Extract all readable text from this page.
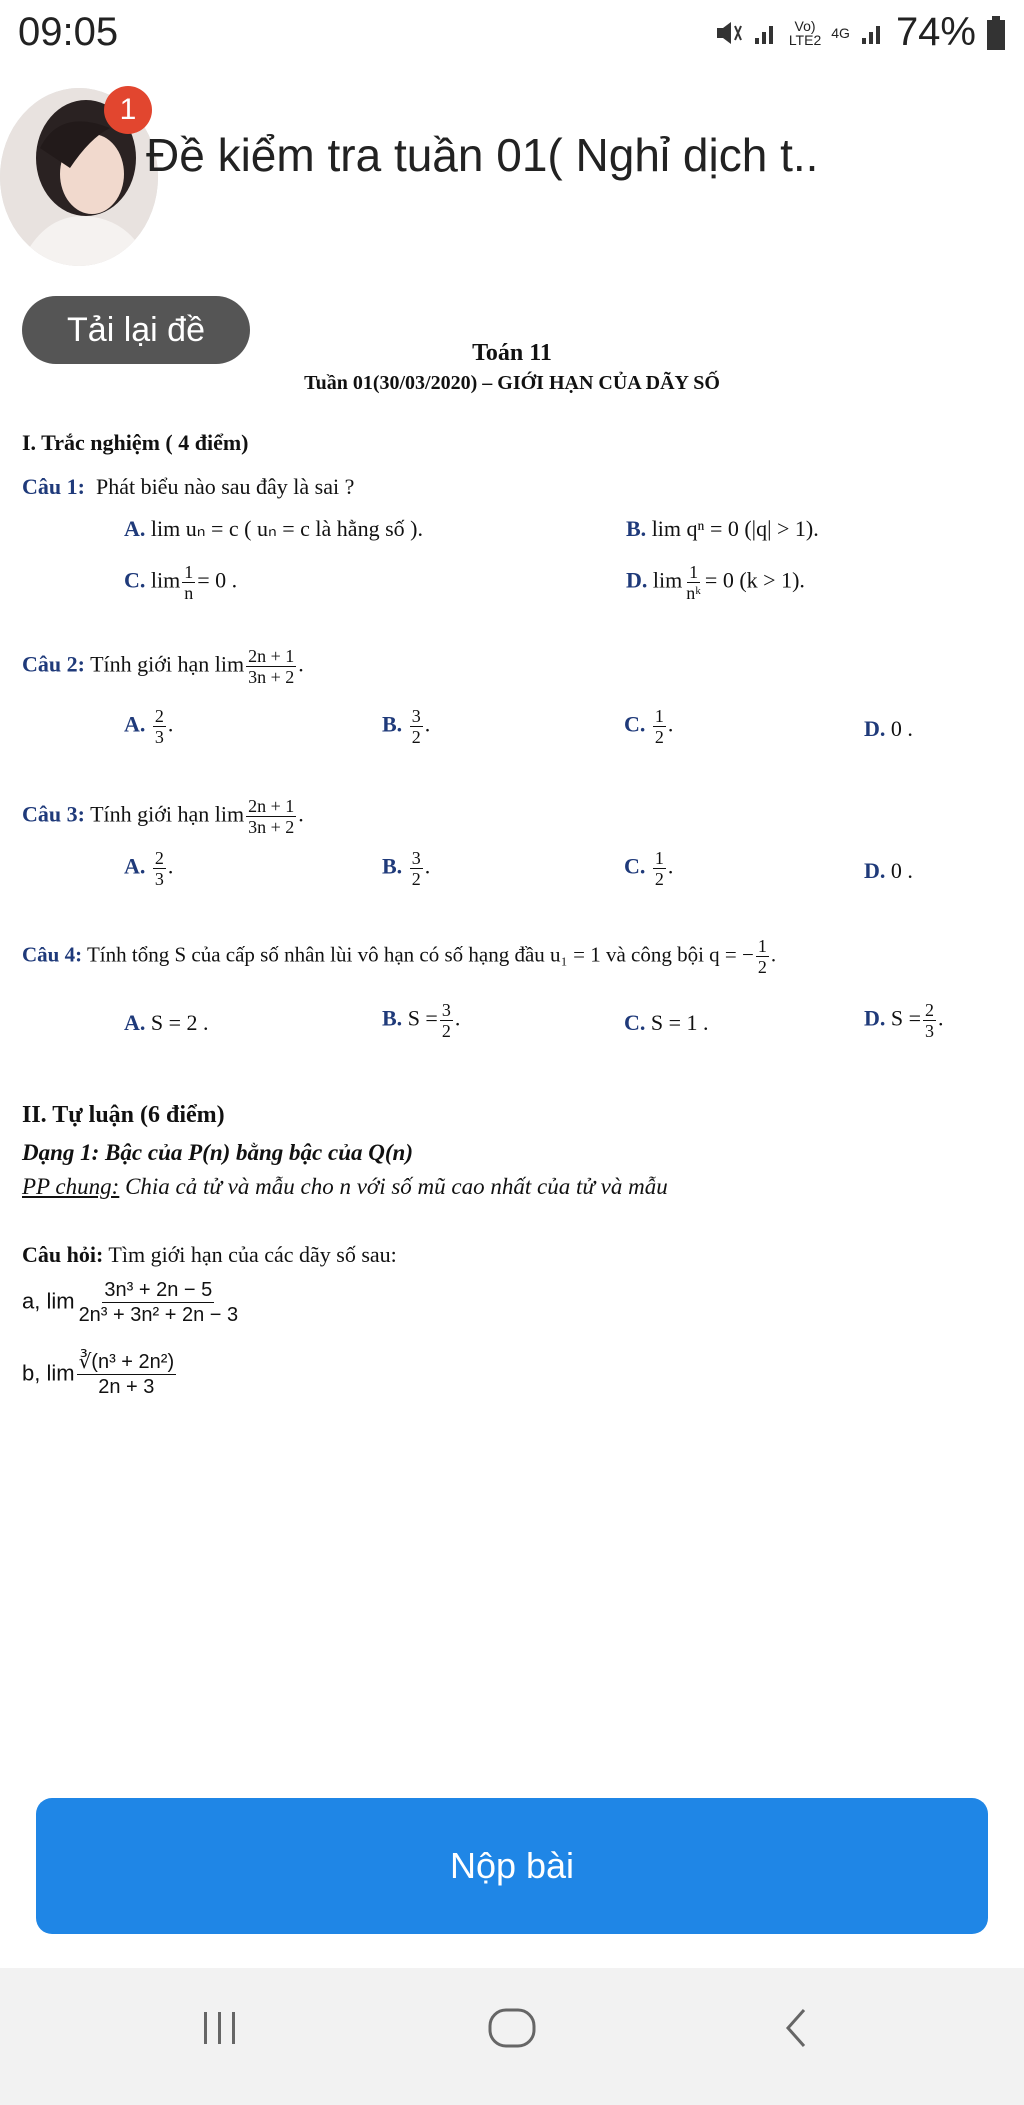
09:05	Vo)
LTE2 4G 74%
1
Đề kiểm tra tuần 01( Nghỉ dịch t..
Tải lại đề
Toán 11
Tuần 01(30/03/2020) – GIỚI HẠN CỦA DÃY SỐ
I. Trắc nghiệm ( 4 điểm)
Câu 1: Phát biểu nào sau đây là sai ?
A. lim uₙ = c ( uₙ = c là hằng số ).	B. lim qⁿ = 0 (|q| > 1).
C. $\lim \frac{1}{n} = 0$ .	D. $\lim \frac{1}{\text{nᵏ}} = 0$ (k > 1).
Câu 2: Tính giới hạn $\lim \frac{2n + 1}{3n + 2}$ .
A. $\frac{2}{3}$ .	B. $\frac{3}{2}$ .	C. $\frac{1}{2}$ .	D. 0 .
Câu 3: Tính giới hạn $\lim \frac{2n + 1}{3n + 2}$ .
A. $\frac{2}{3}$ .	B. $\frac{3}{2}$ .	C. $\frac{1}{2}$ .	D. 0 .
Câu 4: Tính tổng S của cấp số nhân lùi vô hạn có số hạng đầu u₁ = 1 và công bội q = − $\frac{1}{2}$ .
A. S = 2 .	B. $S = \frac{3}{2}$ .	C. S = 1 .	D. $S = \frac{2}{3}$ .
II. Tự luận (6 điểm)
Dạng 1: Bậc của P(n) bằng bậc của Q(n)
PP chung: Chia cả tử và mẫu cho n với số mũ cao nhất của tử và mẫu
Câu hỏi: Tìm giới hạn của các dãy số sau:
a, $\lim \frac{\text{3n³ + 2n − 5}}{\text{2n³ + 3n² + 2n − 3}}$
b, $\lim \frac{\text{∛(n³ + 2n²)}}{2n + 3}$
Nộp bài
